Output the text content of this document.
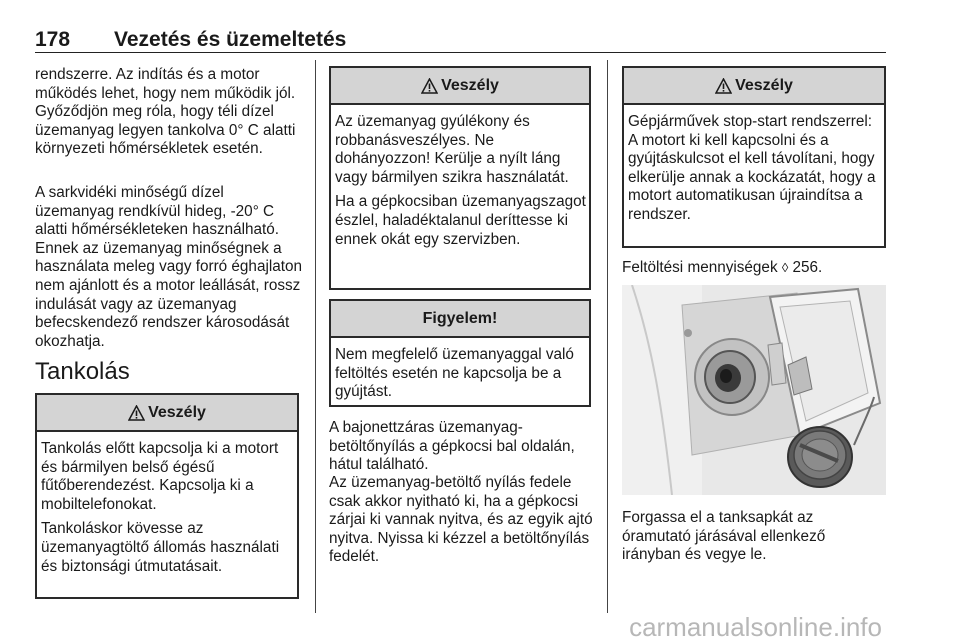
178 Vezetés és üzemeltetés

rendszerre. Az indítás és a motor működés lehet, hogy nem működik jól. Győződjön meg róla, hogy téli dízel üzemanyag legyen tankolva 0° C alatti környezeti hőmérsékletek esetén.

A sarkvidéki minőségű dízel üzemanyag rendkívül hideg, -20° C alatti hőmérsékleteken használható. Ennek az üzemanyag minőségnek a használata meleg vagy forró éghajlaton nem ajánlott és a motor leállását, rossz indulását vagy az üzemanyag befecskendező rendszer károsodását okozhatja.

Tankolás
Veszély

Tankolás előtt kapcsolja ki a motort és bármilyen belső égésű fűtőberendezést. Kapcsolja ki a mobiltelefonokat.

Tankoláskor kövesse az üzemanyagtöltő állomás használati és biztonsági útmutatásait.

Veszély

Az üzemanyag gyúlékony és robbanásveszélyes. Ne dohányozzon! Kerülje a nyílt láng vagy bármilyen szikra használatát.

Ha a gépkocsiban üzemanyagszagot észlel, haladéktalanul deríttesse ki ennek okát egy szervizben.

Figyelem!

Nem megfelelő üzemanyaggal való feltöltés esetén ne kapcsolja be a gyújtást.

A bajonettzáras üzemanyag-betöltőnyílás a gépkocsi bal oldalán, hátul található.

Az üzemanyag-betöltő nyílás fedele csak akkor nyitható ki, ha a gépkocsi zárjai ki vannak nyitva, és az egyik ajtó nyitva. Nyissa ki kézzel a betöltőnyílás fedelét.

Veszély

Gépjárművek stop-start rendszerrel: A motort ki kell kapcsolni és a gyújtáskulcsot el kell távolítani, hogy elkerülje annak a kockázatát, hogy a motort automatikusan újraindítsa a rendszer.

Feltöltési mennyiségek ◊ 256.

Forgassa el a tanksapkát az óramutató járásával ellenkező irányban és vegye le.

carmanualsonline.info
